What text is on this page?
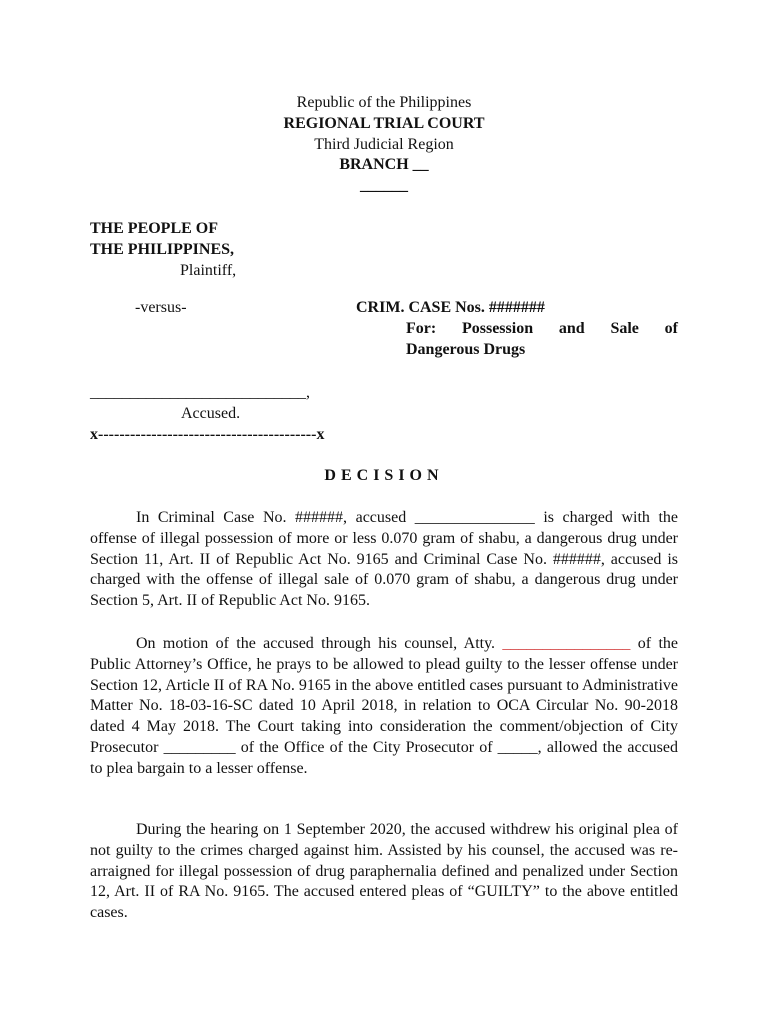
Republic of the Philippines
REGIONAL TRIAL COURT
Third Judicial Region
BRANCH __
______
THE PEOPLE OF
THE PHILIPPINES,
Plaintiff,
-versus-	CRIM. CASE Nos. #######
For: Possession and Sale of
Dangerous Drugs
___________________________,
Accused.
x-----------------------------------------x
DECISION
In Criminal Case No. ######, accused _______________ is charged with the offense of illegal possession of more or less 0.070 gram of shabu, a dangerous drug under Section 11, Art. II of Republic Act No. 9165 and Criminal Case No. ######, accused is charged with the offense of illegal sale of 0.070 gram of shabu, a dangerous drug under Section 5, Art. II of Republic Act No. 9165.
On motion of the accused through his counsel, Atty. ________________ of the Public Attorney’s Office, he prays to be allowed to plead guilty to the lesser offense under Section 12, Article II of RA No. 9165 in the above entitled cases pursuant to Administrative Matter No. 18-03-16-SC dated 10 April 2018, in relation to OCA Circular No. 90-2018 dated 4 May 2018. The Court taking into consideration the comment/objection of City Prosecutor _________ of the Office of the City Prosecutor of _____, allowed the accused to plea bargain to a lesser offense.
During the hearing on 1 September 2020, the accused withdrew his original plea of not guilty to the crimes charged against him. Assisted by his counsel, the accused was re-arraigned for illegal possession of drug paraphernalia defined and penalized under Section 12, Art. II of RA No. 9165. The accused entered pleas of “GUILTY” to the above entitled cases.
